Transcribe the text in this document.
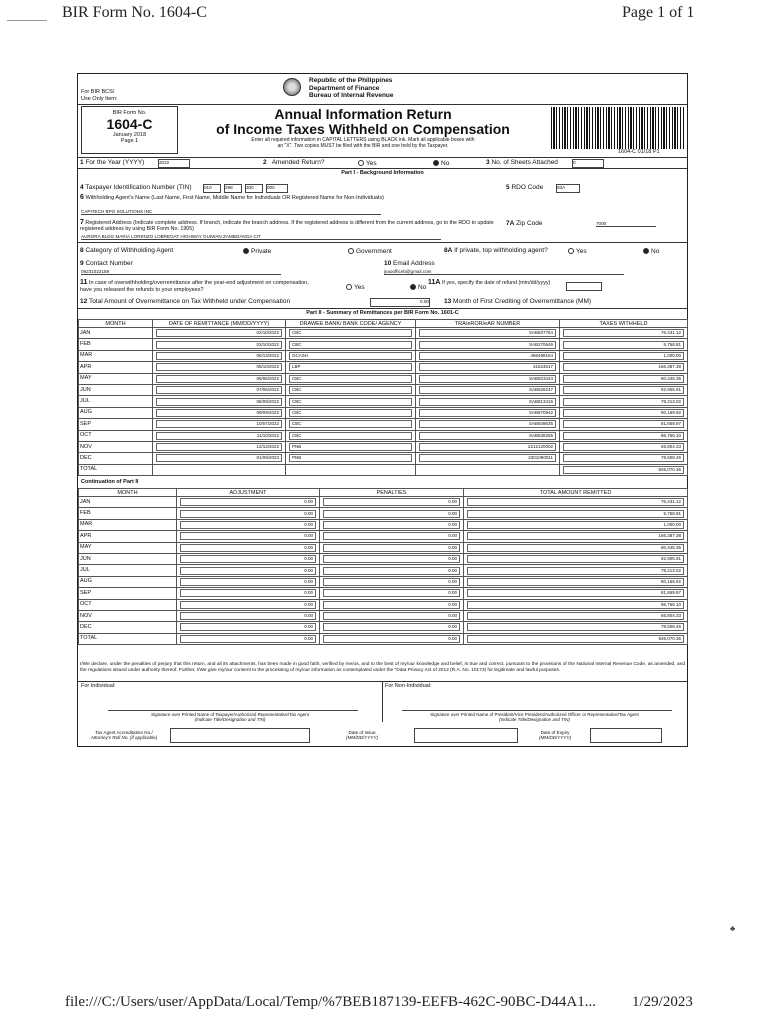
BIR Form No. 1604-C	Page 1 of 1
For BIR BCS/
Use Only Item:
Republic of the Philippines
Department of Finance
Bureau of Internal Revenue
BIR Form No.
1604-C
January 2018
Page 1
Annual Information Return
of Income Taxes Withheld on Compensation
Enter all required information in CAPITAL LETTERS using BLACK ink. Mark all applicable boxes with
an "X". Two copies MUST be filed with the BIR and one held by the Taxpayer.
1604-C 01/18 P1
1 For the Year (YYYY)	2022	2 Amended Return?	Yes	No	3 No. of Sheets Attached	0
Part I - Background Information
4 Taxpayer Identification Number (TIN)	010	298	300	000	5 RDO Code	93A
6 Withholding Agent's Name (Last Name, First Name, Middle Name for Individuals OR Registered Name for Non-Individuals)
CAPITECH BPO SOLUTIONS INC
7 Registered Address (Indicate complete address. If branch, indicate the branch address. If the registered address is different from the current address, go to the RDO to update registered address by using BIR Form No. 1905)
7A Zip Code	7000
AURORA BLDG MARIA LORENZO LOBREGAT HIGHWAY GUIWAN ZAMBOANGA CIT
8 Category of Withholding Agent	Private	Government	8A If private, top withholding agent?	Yes	No
9 Contact Number
09231022159
10 Email Address
jsaoofficeb@gmail.com
11 In case of overwithholding/overremittance after the year-end adjustment on compensation, have you released the refunds to your employees?	Yes	No
11A If yes, specify the date of refund (mm/dd/yyyy)
12 Total Amount of Overremittance on Tax Withheld under Compensation	0.00 13 Month of First Crediting of Overremittance (MM)
Part II - Summary of Remittances per BIR Form No. 1601-C
MONTH	DATE OF REMITTANCE (MM/DD/YYYY)	DRAWEE BANK/ BANK CODE/ AGENCY	TRA/eROR/eAR NUMBER	TAXES WITHHELD
JAN	02/10/2022	CBC	SAB837754	76,431.12

FEB	03/10/2022	CBC	SAB270646	5,758.81

MAR	05/13/2022	GCASH	496498164	1,000.00

APR	05/10/2022	LBP	31524617	166,387.38

MAY	06/06/2022	CBC	SAB823424	80,445.35

JUN	07/06/2022	CBC	SAB826247	82,905.91

JUL	08/09/2022	CBC	SAB813415	79,213.02

AUG	09/09/2022	CBC	SAB870942	80,169.92

SEP	10/07/2022	CBC	SAB849635	81,659.97

OCT	11/10/2022	CBC	SAB538255	86,766.10

NOV	12/12/2022	PNB	2212120002	65,804.33

DEC	01/09/2023	PNB	2301090011	79,508.45

TOTAL				926,070.36
Continuation of Part II
MONTH	ADJUSTMENT	PENALTIES	TOTAL AMOUNT REMITTED
JAN	0.00	0.00	76,431.12

FEB	0.00	0.00	5,758.81

MAR	0.00	0.00	1,000.00

APR	0.00	0.00	166,387.38

MAY	0.00	0.00	80,445.35

JUN	0.00	0.00	82,905.91

JUL	0.00	0.00	79,213.02

AUG	0.00	0.00	80,169.92

SEP	0.00	0.00	81,659.97

OCT	0.00	0.00	86,766.10

NOV	0.00	0.00	65,804.33

DEC	0.00	0.00	79,508.45

TOTAL	0.00	0.00	926,070.36
I/We declare, under the penalties of perjury that this return, and all its attachments, has been made in good faith, verified by me/us, and to the best of my/our knowledge and belief, is true and correct, pursuant to the provisions of the National Internal Revenue Code, as amended, and the regulations issued under authority thereof. Further, I/We give my/our consent to the processing of my/our information as contemplated under the "Data Privacy Act of 2012 (R.A. No. 10173) for legitimate and lawful purposes.
For Individual:
Signature over Printed Name of Taxpayer/Authorized Representative/Tax Agent
(Indicate Title/Designation and TIN)
For Non-Individual:
Signature over Printed Name of President/Vice President/Authorized Officer or Representative/Tax Agent
(Indicate Title/Designation and TIN)
Tax Agent Accreditation No./
Attorney's Roll No. (if applicable)
Date of Issue
(MM/DD/YYYY)
Date of Expiry
(MM/DD/YYYY)
♣
file:///C:/Users/user/AppData/Local/Temp/%7BEB187139-EEFB-462C-90BC-D44A1... 1/29/2023
